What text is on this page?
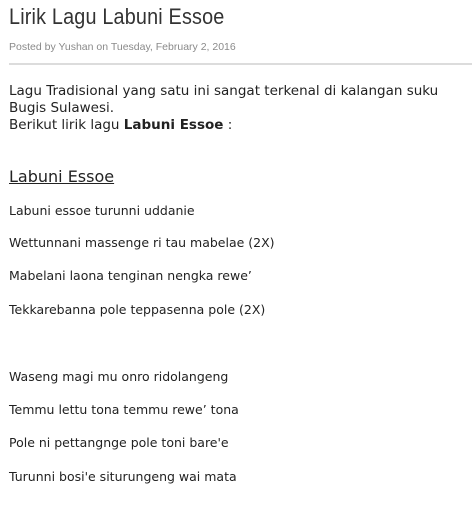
Lirik Lagu Labuni Essoe
Posted by Yushan on Tuesday, February 2, 2016

Lagu Tradisional yang satu ini sangat terkenal di kalangan suku Bugis Sulawesi.

Berikut lirik lagu Labuni Essoe :

Labuni Essoe

Labuni essoe turunni uddanie

Wettunnani massenge ri tau mabelae (2X)

Mabelani laona tenginan nengka rewe’

Tekkarebanna pole teppasenna pole (2X)

Waseng magi mu onro ridolangeng

Temmu lettu tona temmu rewe’ tona

Pole ni pettangnge pole toni bare'e

Turunni bosi'e siturungeng wai mata
